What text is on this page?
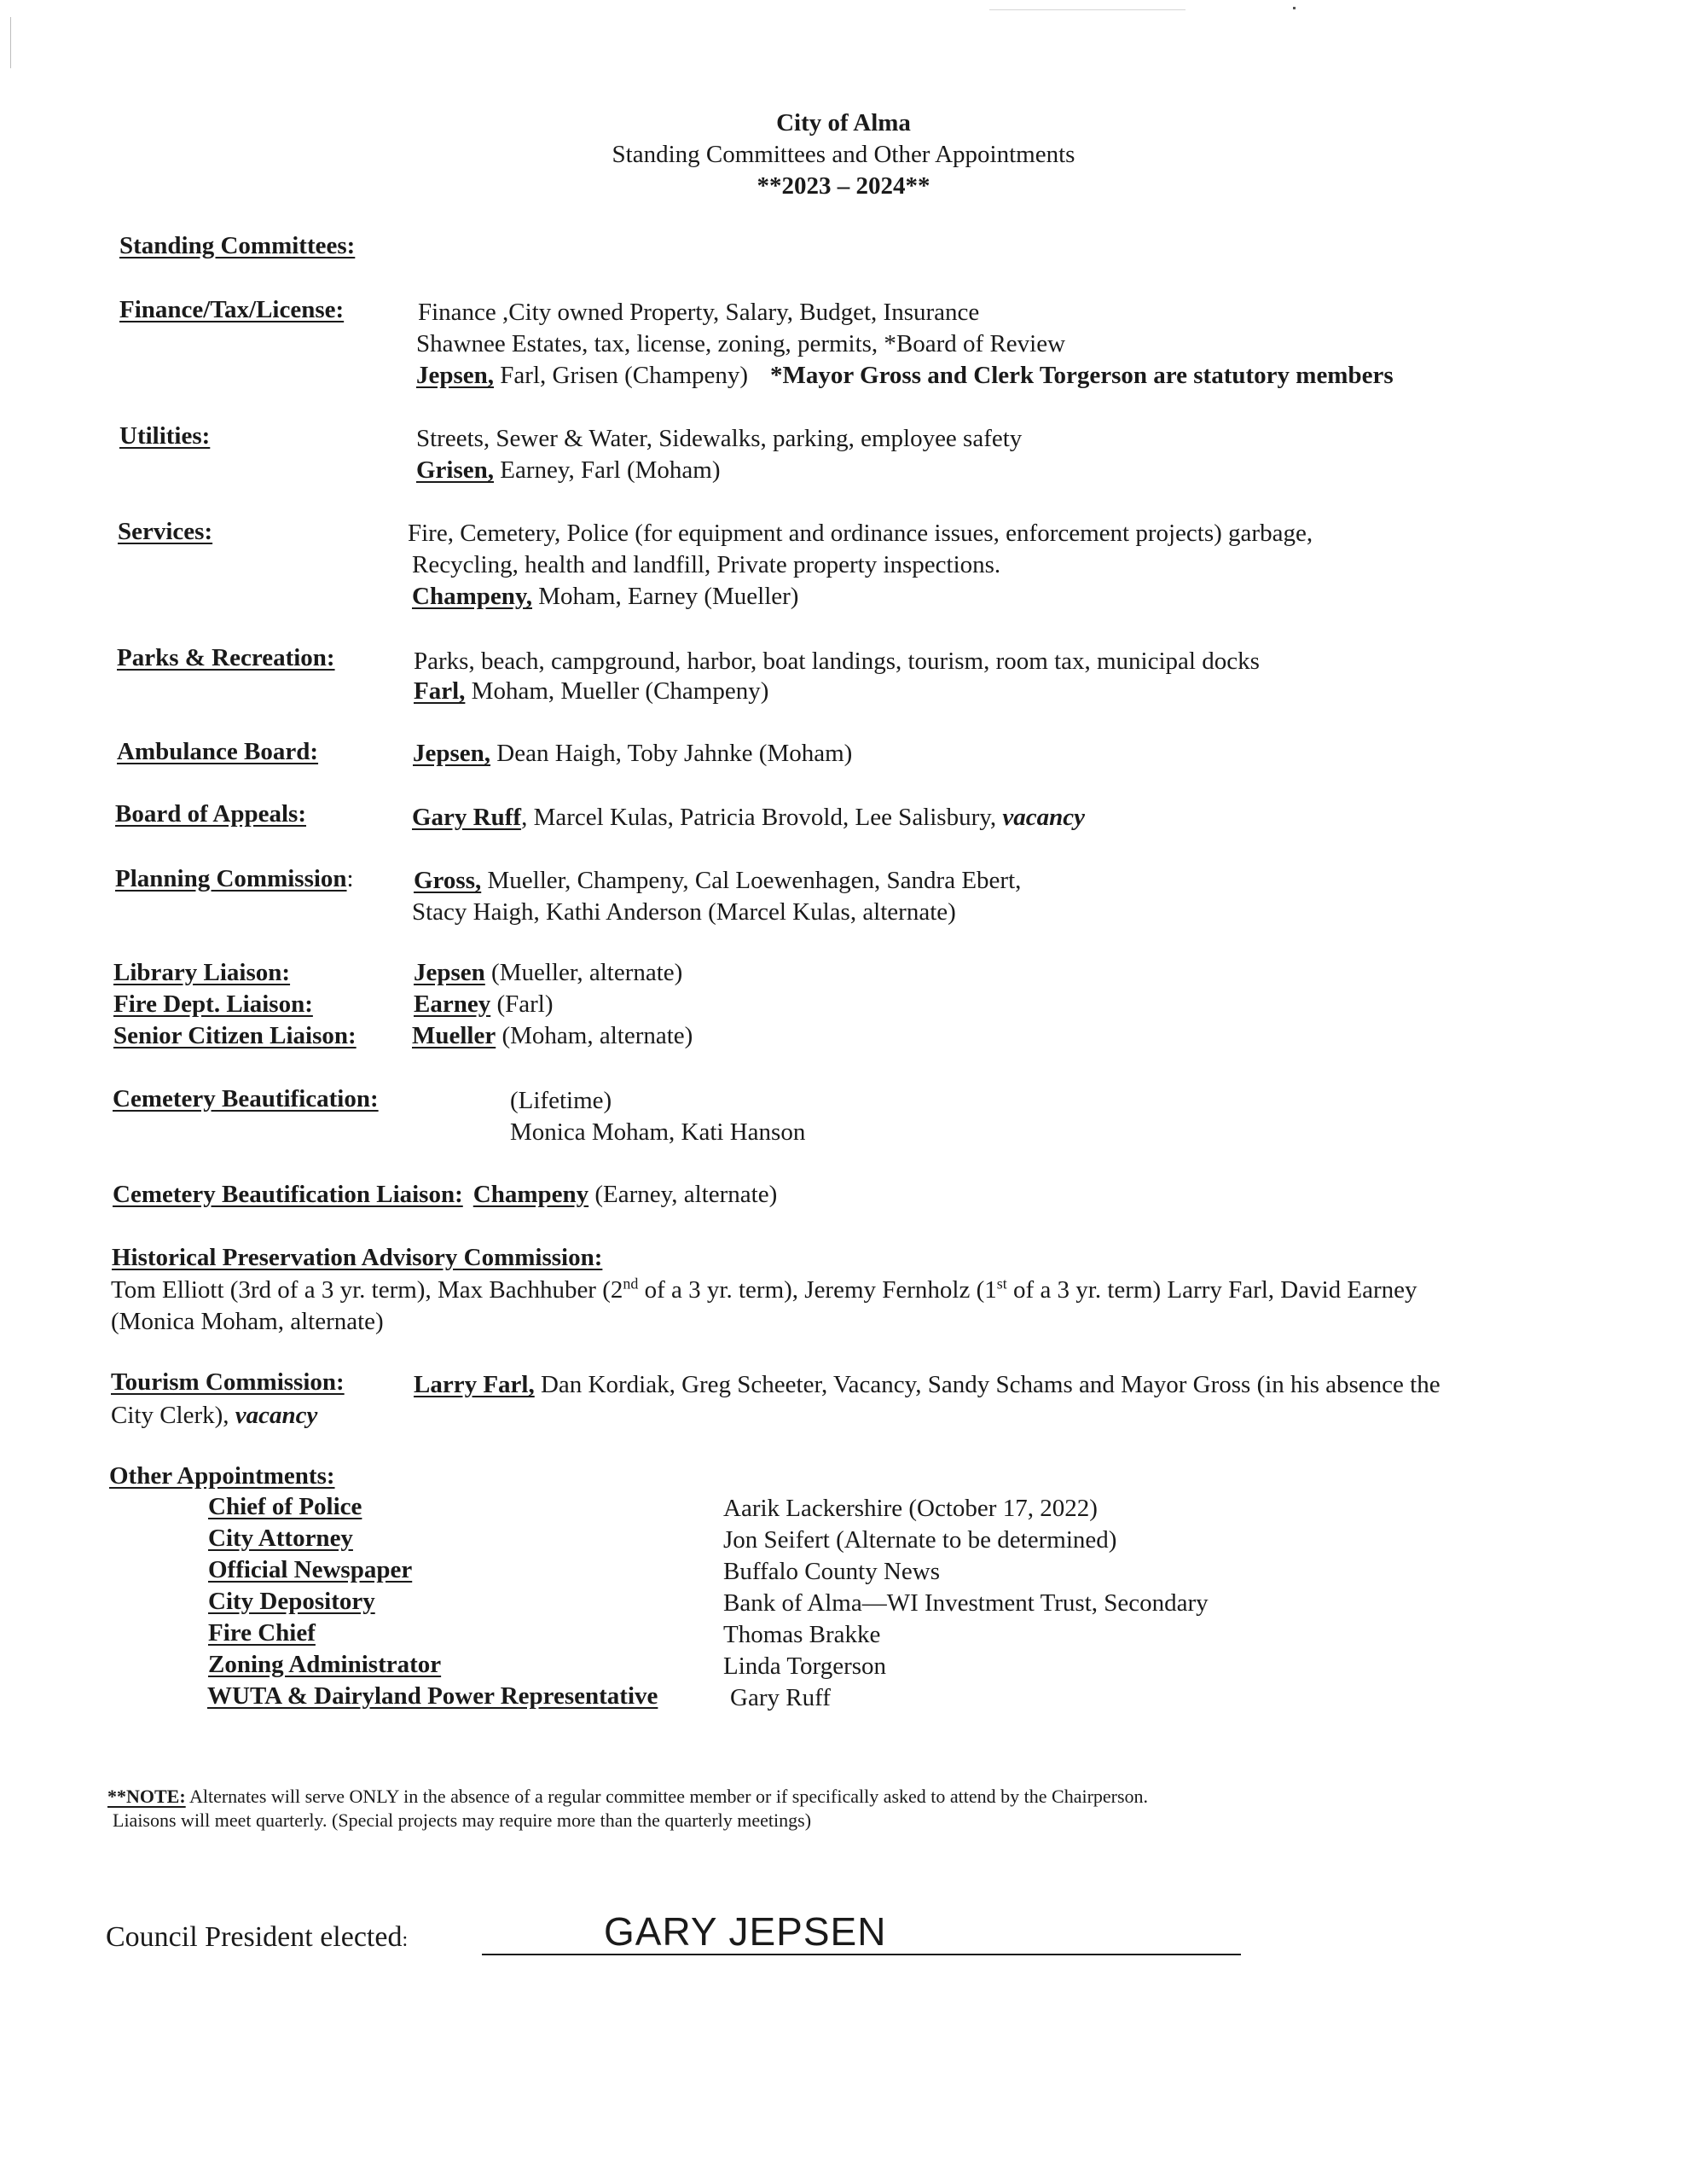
City of Alma
Standing Committees and Other Appointments
**2023 – 2024**
Standing Committees:
Finance/Tax/License:	Finance ,City owned Property, Salary, Budget, Insurance
Shawnee Estates, tax, license, zoning, permits, *Board of Review
Jepsen, Farl, Grisen (Champeny) *Mayor Gross and Clerk Torgerson are statutory members
Utilities:	Streets, Sewer & Water, Sidewalks, parking, employee safety
Grisen, Earney, Farl (Moham)
Services:	Fire, Cemetery, Police (for equipment and ordinance issues, enforcement projects) garbage,
Recycling, health and landfill, Private property inspections.
Champeny, Moham, Earney (Mueller)
Parks & Recreation:	Parks, beach, campground, harbor, boat landings, tourism, room tax, municipal docks
Farl, Moham, Mueller (Champeny)
Ambulance Board:	Jepsen, Dean Haigh, Toby Jahnke (Moham)
Board of Appeals:	Gary Ruff, Marcel Kulas, Patricia Brovold, Lee Salisbury, vacancy
Planning Commission: Gross, Mueller, Champeny, Cal Loewenhagen, Sandra Ebert,
Stacy Haigh, Kathi Anderson (Marcel Kulas, alternate)
Library Liaison:	Jepsen (Mueller, alternate)
Fire Dept. Liaison:	Earney (Farl)
Senior Citizen Liaison: Mueller (Moham, alternate)
Cemetery Beautification:	(Lifetime)
Monica Moham, Kati Hanson
Cemetery Beautification Liaison: Champeny (Earney, alternate)
Historical Preservation Advisory Commission:
Tom Elliott (3rd of a 3 yr. term), Max Bachhuber (2nd of a 3 yr. term), Jeremy Fernholz (1st of a 3 yr. term) Larry Farl, David Earney
(Monica Moham, alternate)
Tourism Commission:	Larry Farl, Dan Kordiak, Greg Scheeter, Vacancy, Sandy Schams and Mayor Gross (in his absence the
City Clerk), vacancy
Other Appointments:
Chief of Police	Aarik Lackershire (October 17, 2022)
City Attorney	Jon Seifert (Alternate to be determined)
Official Newspaper	Buffalo County News
City Depository	Bank of Alma—WI Investment Trust, Secondary
Fire Chief	Thomas Brakke
Zoning Administrator	Linda Torgerson
WUTA & Dairyland Power Representative	Gary Ruff
**NOTE: Alternates will serve ONLY in the absence of a regular committee member or if specifically asked to attend by the Chairperson.
Liaisons will meet quarterly. (Special projects may require more than the quarterly meetings)
Council President elected:	GARY JEPSEN
